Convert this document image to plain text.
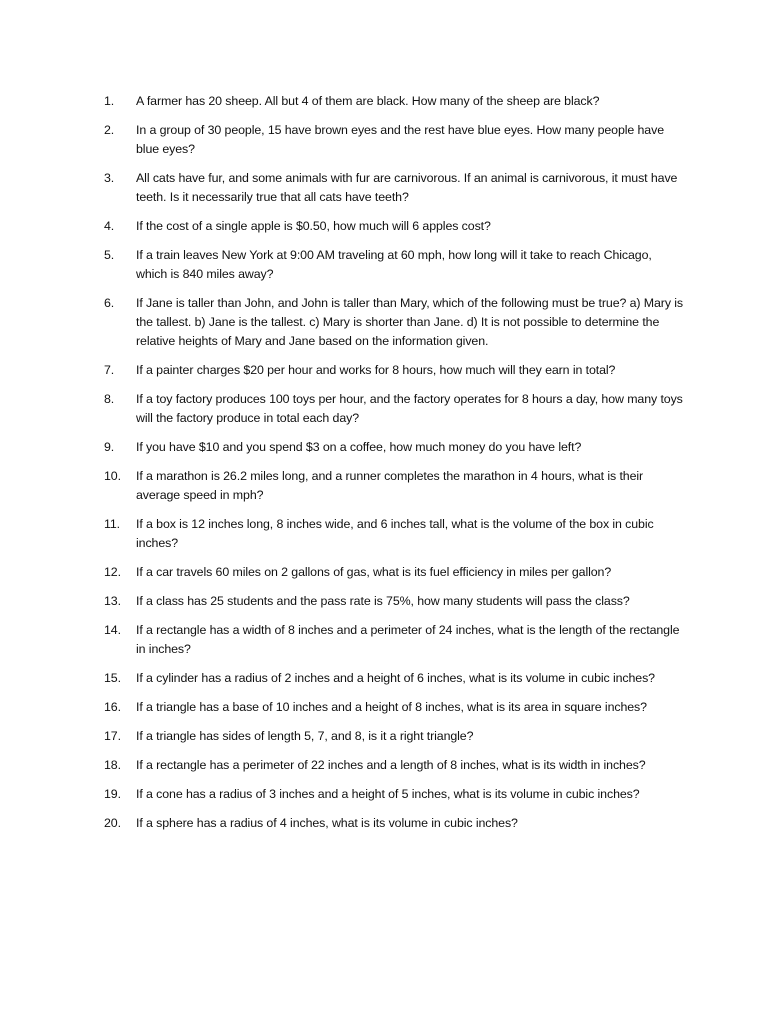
1.	A farmer has 20 sheep. All but 4 of them are black. How many of the sheep are black?
2.	In a group of 30 people, 15 have brown eyes and the rest have blue eyes. How many people have blue eyes?
3.	All cats have fur, and some animals with fur are carnivorous. If an animal is carnivorous, it must have teeth. Is it necessarily true that all cats have teeth?
4.	If the cost of a single apple is $0.50, how much will 6 apples cost?
5.	If a train leaves New York at 9:00 AM traveling at 60 mph, how long will it take to reach Chicago, which is 840 miles away?
6.	If Jane is taller than John, and John is taller than Mary, which of the following must be true? a) Mary is the tallest. b) Jane is the tallest. c) Mary is shorter than Jane. d) It is not possible to determine the relative heights of Mary and Jane based on the information given.
7.	If a painter charges $20 per hour and works for 8 hours, how much will they earn in total?
8.	If a toy factory produces 100 toys per hour, and the factory operates for 8 hours a day, how many toys will the factory produce in total each day?
9.	If you have $10 and you spend $3 on a coffee, how much money do you have left?
10.	If a marathon is 26.2 miles long, and a runner completes the marathon in 4 hours, what is their average speed in mph?
11.	If a box is 12 inches long, 8 inches wide, and 6 inches tall, what is the volume of the box in cubic inches?
12.	If a car travels 60 miles on 2 gallons of gas, what is its fuel efficiency in miles per gallon?
13.	If a class has 25 students and the pass rate is 75%, how many students will pass the class?
14.	If a rectangle has a width of 8 inches and a perimeter of 24 inches, what is the length of the rectangle in inches?
15.	If a cylinder has a radius of 2 inches and a height of 6 inches, what is its volume in cubic inches?
16.	If a triangle has a base of 10 inches and a height of 8 inches, what is its area in square inches?
17.	If a triangle has sides of length 5, 7, and 8, is it a right triangle?
18.	If a rectangle has a perimeter of 22 inches and a length of 8 inches, what is its width in inches?
19.	If a cone has a radius of 3 inches and a height of 5 inches, what is its volume in cubic inches?
20.	If a sphere has a radius of 4 inches, what is its volume in cubic inches?
